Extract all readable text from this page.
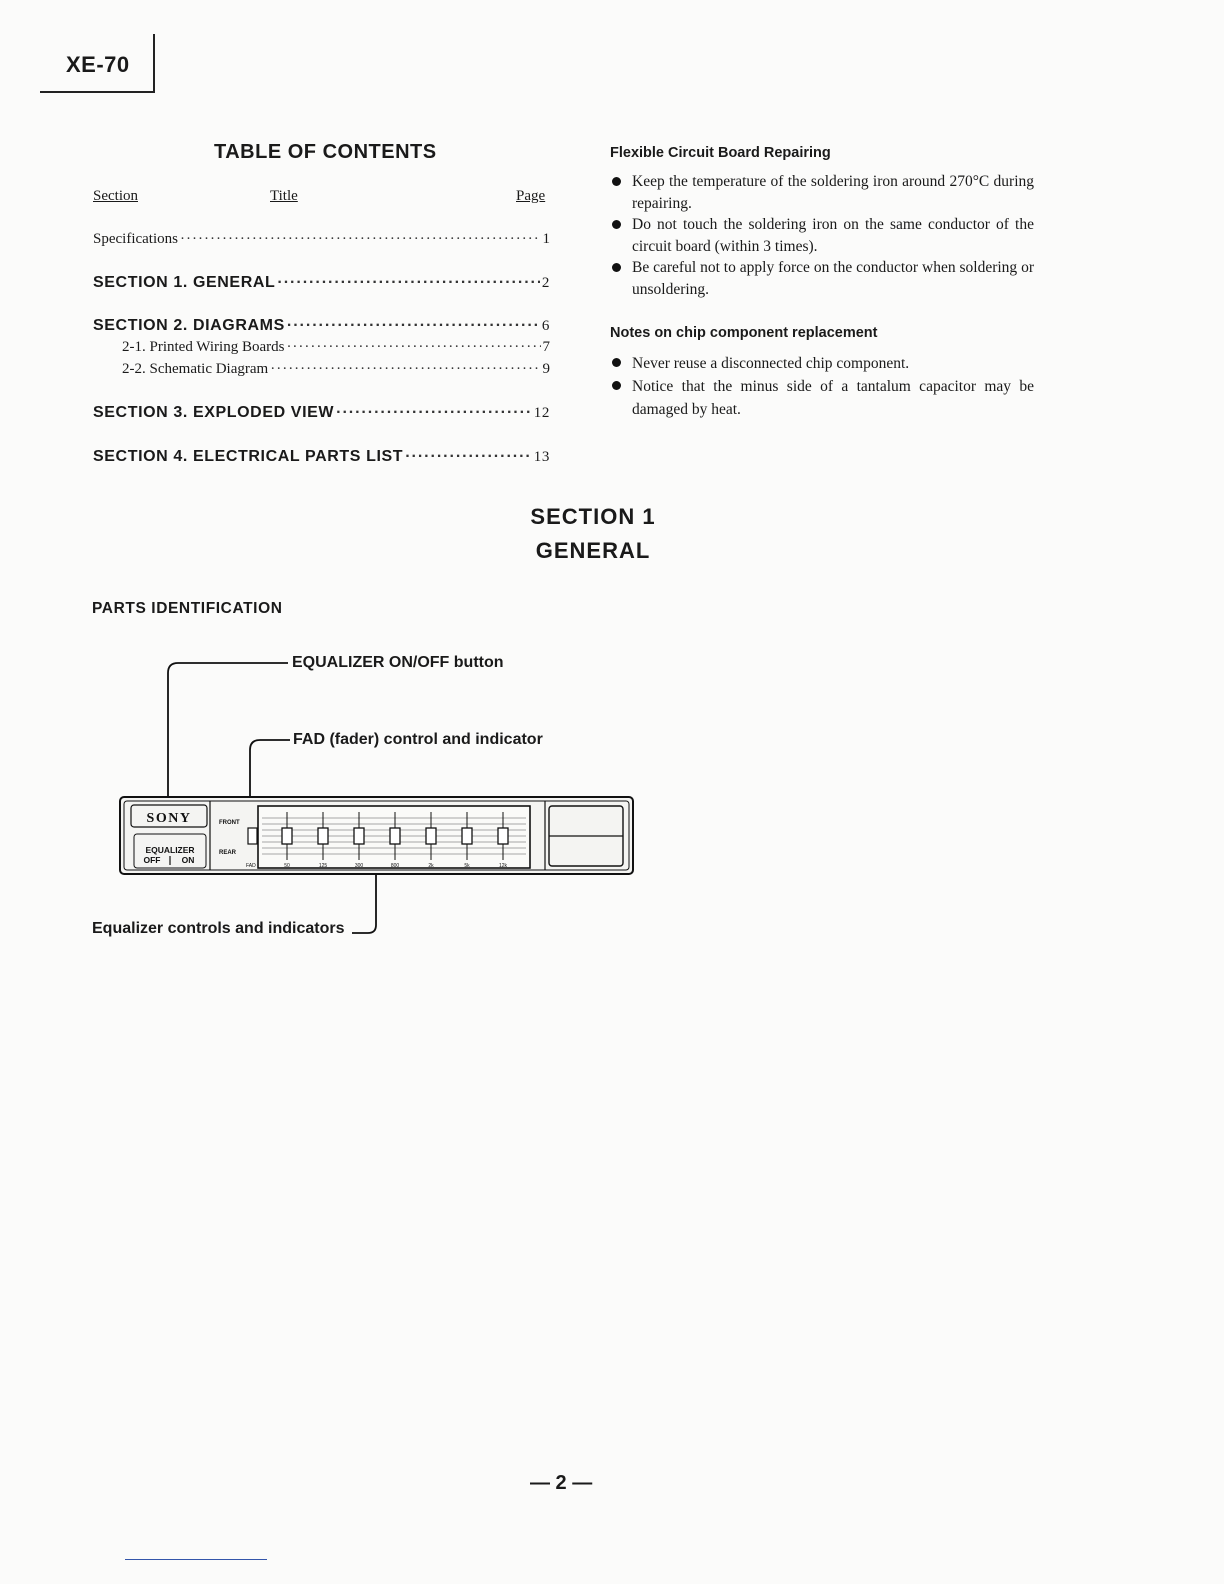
XE-70
TABLE OF CONTENTS
Section	Title	Page
Specifications ·····	1
SECTION 1. GENERAL ·····	2
SECTION 2. DIAGRAMS ·····	6
2-1. Printed Wiring Boards ·····	7
2-2. Schematic Diagram ·····	9
SECTION 3. EXPLODED VIEW ·····	12
SECTION 4. ELECTRICAL PARTS LIST ·····	13
Flexible Circuit Board Repairing
Keep the temperature of the soldering iron around 270°C during repairing.
Do not touch the soldering iron on the same conductor of the circuit board (within 3 times).
Be careful not to apply force on the conductor when soldering or unsoldering.
Notes on chip component replacement
Never reuse a disconnected chip component.
Notice that the minus side of a tantalum capacitor may be damaged by heat.
SECTION 1
GENERAL
PARTS IDENTIFICATION
EQUALIZER ON/OFF button
FAD (fader) control and indicator
Equalizer controls and indicators
SONY
EQUALIZER
OFF ON
FRONT
REAR
FAD	50	125	300	800	2k	5k	12k
— 2 —
